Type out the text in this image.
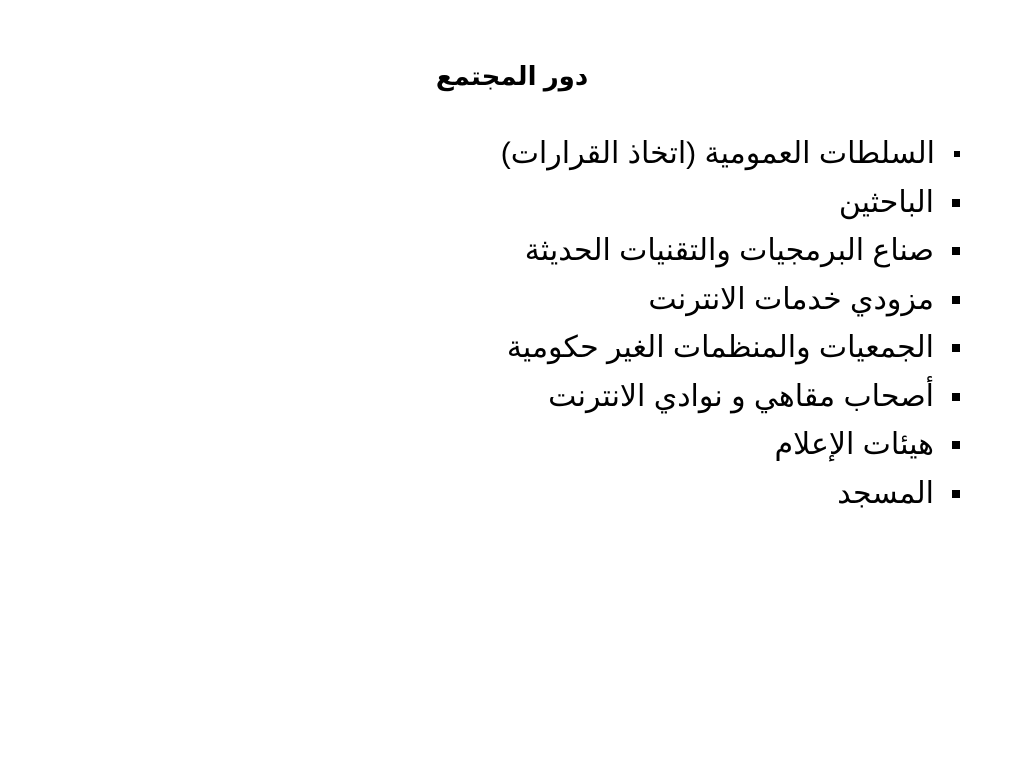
دور المجتمع
السلطات العمومية (اتخاذ القرارات)
الباحثين
صناع البرمجيات والتقنيات الحديثة
مزودي خدمات الانترنت
الجمعيات والمنظمات الغير حكومية
أصحاب مقاهي و نوادي الانترنت
هيئات الإعلام
المسجد
